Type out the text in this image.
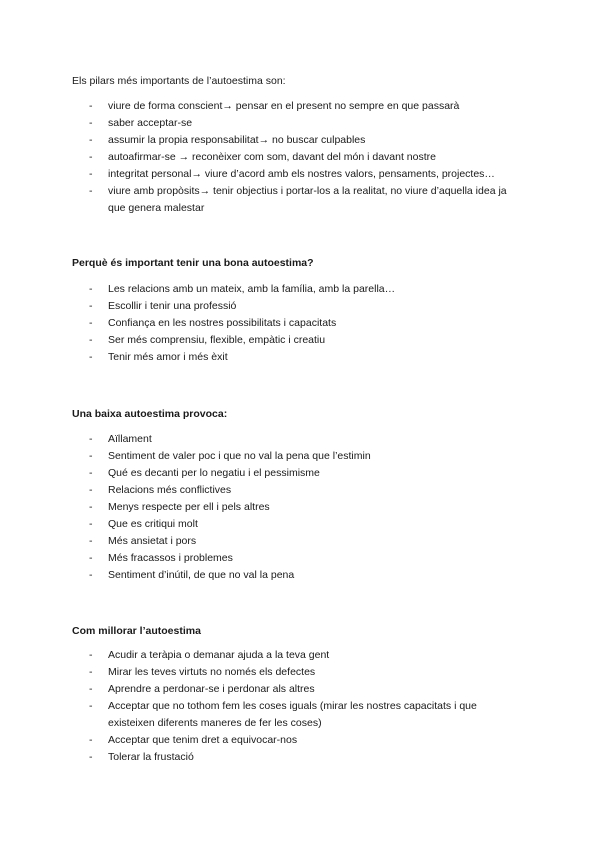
Els pilars més importants de l’autoestima son:
- viure de forma conscient→ pensar en el present no sempre en que passarà
- saber acceptar-se
- assumir la propia responsabilitat→ no buscar culpables
- autoafirmar-se → reconèixer com som, davant del món i davant nostre
- integritat personal→ viure d’acord amb els nostres valors, pensaments, projectes…
- viure amb propòsits→ tenir objectius i portar-los a la realitat, no viure d’aquella idea ja que genera malestar
Perquè és important tenir una bona autoestima?
- Les relacions amb un mateix, amb la família, amb la parella…
- Escollir i tenir una professió
- Confiança en les nostres possibilitats i capacitats
- Ser més comprensiu, flexible, empàtic i creatiu
- Tenir més amor i més èxit
Una baixa autoestima provoca:
- Aïllament
- Sentiment de valer poc i que no val la pena que l’estimin
- Qué es decanti per lo negatiu i el pessimisme
- Relacions més conflictives
- Menys respecte per ell i pels altres
- Que es critiqui molt
- Més ansietat i pors
- Més fracassos i problemes
- Sentiment d’inútil, de que no val la pena
Com millorar l’autoestima
- Acudir a teràpia o demanar ajuda a la teva gent
- Mirar les teves virtuts no només els defectes
- Aprendre a perdonar-se i perdonar als altres
- Acceptar que no tothom fem les coses iguals (mirar les nostres capacitats i que existeixen diferents maneres de fer les coses)
- Acceptar que tenim dret a equivocar-nos
- Tolerar la frustació
